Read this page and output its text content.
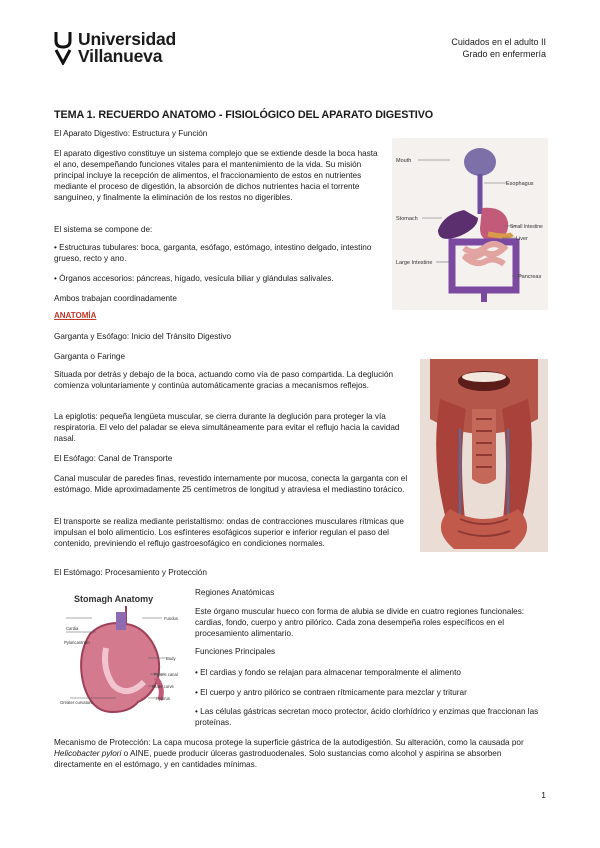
Universidad
Villanueva
Cuidados en el adulto II
Grado en enfermería
TEMA 1. RECUERDO ANATOMO - FISIOLÓGICO DEL APARATO DIGESTIVO
El Aparato Digestivo: Estructura y Función
El aparato digestivo constituye un sistema complejo que se extiende desde la boca hasta el ano, desempeñando funciones vitales para el mantenimiento de la vida. Su misión principal incluye la recepción de alimentos, el fraccionamiento de estos en nutrientes mediante el proceso de digestión, la absorción de dichos nutrientes hacia el torrente sanguíneo, y finalmente la eliminación de los restos no digeribles.
El sistema se compone de:
• Estructuras tubulares: boca, garganta, esófago, estómago, intestino delgado, intestino grueso, recto y ano.
• Órganos accesorios: páncreas, hígado, vesícula biliar y glándulas salivales.
Ambos trabajan coordinadamente
Mouth
Esophagus
Stomach
Small Intestine
Liver
Large Intestine
Pancreas
ANATOMÍA
Garganta y Esófago: Inicio del Tránsito Digestivo
Garganta o Faringe
Situada por detrás y debajo de la boca, actuando como vía de paso compartida. La deglución comienza voluntariamente y continúa automáticamente gracias a mecanismos reflejos.
La epiglotis: pequeña lengüeta muscular, se cierra durante la deglución para proteger la vía respiratoria. El velo del paladar se eleva simultáneamente para evitar el reflujo hacia la cavidad nasal.
El Esófago: Canal de Transporte
Canal muscular de paredes finas, revestido internamente por mucosa, conecta la garganta con el estómago. Mide aproximadamente 25 centímetros de longitud y atraviesa el mediastino torácico.
El transporte se realiza mediante peristaltismo: ondas de contracciones musculares rítmicas que impulsan el bolo alimenticio. Los esfínteres esofágicos superior e inferior regulan el paso del contenido, previniendo el reflujo gastroesofágico en condiciones normales.
El Estómago: Procesamiento y Protección
Stomagh Anatomy
Cardia
Pyloricantrum
Fundus
Body
Pyloric canal
Outer curve
Pylorus
Greater curvature
Regiones Anatómicas
Este órgano muscular hueco con forma de alubia se divide en cuatro regiones funcionales: cardias, fondo, cuerpo y antro pilórico. Cada zona desempeña roles específicos en el procesamiento alimentario.
Funciones Principales
• El cardias y fondo se relajan para almacenar temporalmente el alimento
• El cuerpo y antro pilórico se contraen rítmicamente para mezclar y triturar
• Las células gástricas secretan moco protector, ácido clorhídrico y enzimas que fraccionan las proteínas.
Mecanismo de Protección: La capa mucosa protege la superficie gástrica de la autodigestión. Su alteración, como la causada por Helicobacter pylori o AINE, puede producir úlceras gastroduodenales. Solo sustancias como alcohol y aspirina se absorben directamente en el estómago, y en cantidades mínimas.
1
